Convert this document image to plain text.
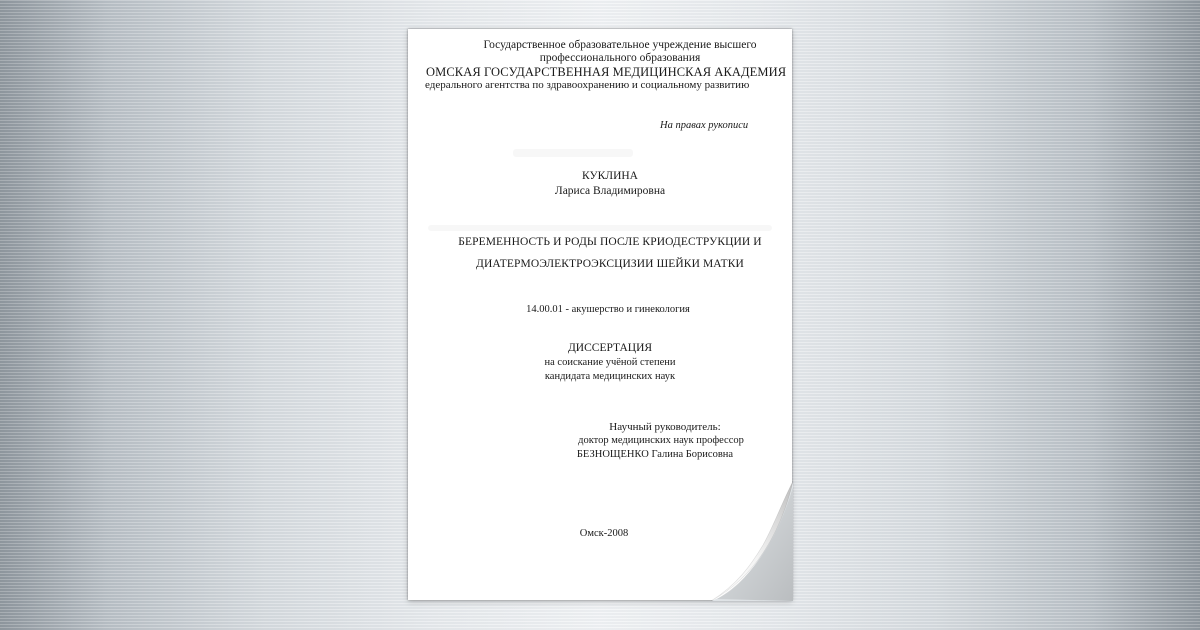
Государственное образовательное учреждение высшего
профессионального образования
ОМСКАЯ ГОСУДАРСТВЕННАЯ МЕДИЦИНСКАЯ АКАДЕМИЯ
едерального агентства по здравоохранению и социальному развитию
На правах рукописи
КУКЛИНА
Лариса Владимировна
БЕРЕМЕННОСТЬ И РОДЫ ПОСЛЕ КРИОДЕСТРУКЦИИ И
ДИАТЕРМОЭЛЕКТРОЭКСЦИЗИИ ШЕЙКИ МАТКИ
14.00.01 - акушерство и гинекология
ДИССЕРТАЦИЯ
на соискание учёной степени
кандидата медицинских наук
Научный руководитель:
доктор медицинских наук профессор
БЕЗНОЩЕНКО Галина Борисовна
Омск-2008
